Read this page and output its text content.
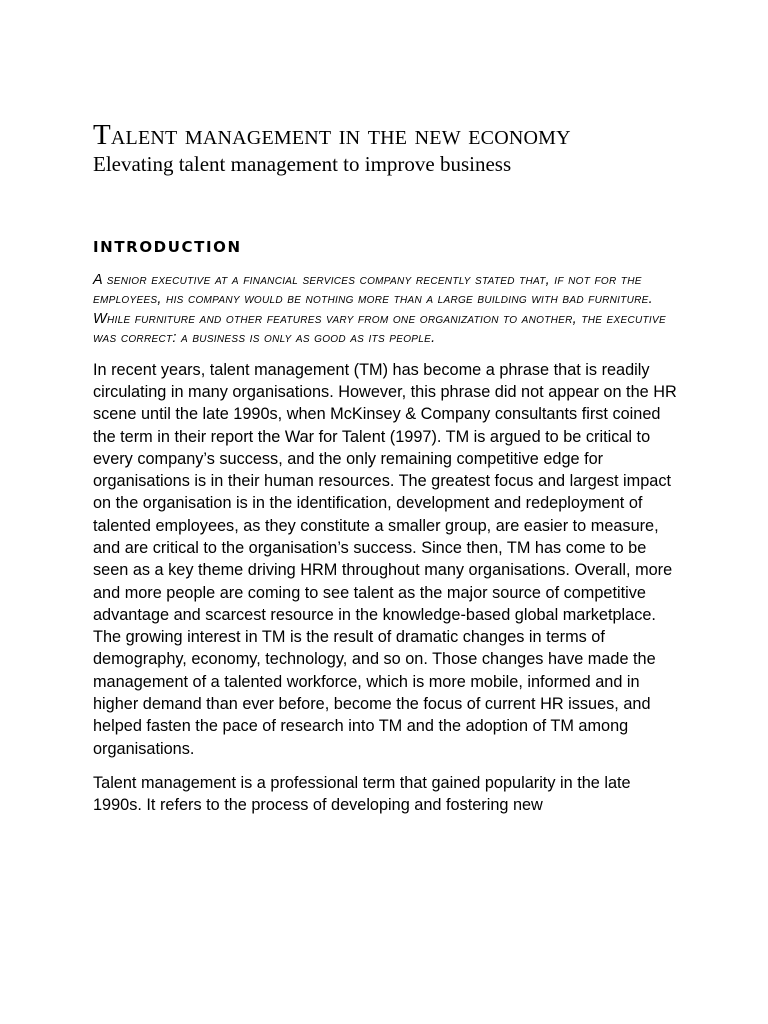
Talent management in the new economy

Elevating talent management to improve business

INTRODUCTION

A senior executive at a financial services company recently stated that, if not for the employees, his company would be nothing more than a large building with bad furniture. While furniture and other features vary from one organization to another, the executive was correct: a business is only as good as its people.

In recent years, talent management (TM) has become a phrase that is readily circulating in many organisations. However, this phrase did not appear on the HR scene until the late 1990s, when McKinsey & Company consultants first coined the term in their report the War for Talent (1997). TM is argued to be critical to every company’s success, and the only remaining competitive edge for organisations is in their human resources. The greatest focus and largest impact on the organisation is in the identification, development and redeployment of talented employees, as they constitute a smaller group, are easier to measure, and are critical to the organisation’s success. Since then, TM has come to be seen as a key theme driving HRM throughout many organisations. Overall, more and more people are coming to see talent as the major source of competitive advantage and scarcest resource in the knowledge-based global marketplace. The growing interest in TM is the result of dramatic changes in terms of demography, economy, technology, and so on. Those changes have made the management of a talented workforce, which is more mobile, informed and in higher demand than ever before, become the focus of current HR issues, and helped fasten the pace of research into TM and the adoption of TM among organisations.

Talent management is a professional term that gained popularity in the late 1990s. It refers to the process of developing and fostering new
